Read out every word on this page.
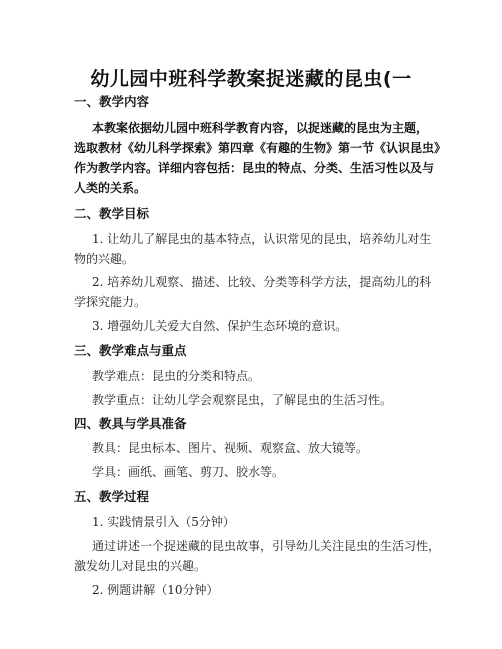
幼儿园中班科学教案捉迷藏的昆虫(一
一、教学内容
本教案依据幼儿园中班科学教育内容，以捉迷藏的昆虫为主题，
选取教材《幼儿科学探索》第四章《有趣的生物》第一节《认识昆虫》
作为教学内容。详细内容包括：昆虫的特点、分类、生活习性以及与
人类的关系。
二、教学目标
1. 让幼儿了解昆虫的基本特点，认识常见的昆虫，培养幼儿对生
物的兴趣。
2. 培养幼儿观察、描述、比较、分类等科学方法，提高幼儿的科
学探究能力。
3. 增强幼儿关爱大自然、保护生态环境的意识。
三、教学难点与重点
教学难点：昆虫的分类和特点。
教学重点：让幼儿学会观察昆虫，了解昆虫的生活习性。
四、教具与学具准备
教具：昆虫标本、图片、视频、观察盒、放大镜等。
学具：画纸、画笔、剪刀、胶水等。
五、教学过程
1. 实践情景引入（5分钟）
通过讲述一个捉迷藏的昆虫故事，引导幼儿关注昆虫的生活习性，
激发幼儿对昆虫的兴趣。
2. 例题讲解（10分钟）
